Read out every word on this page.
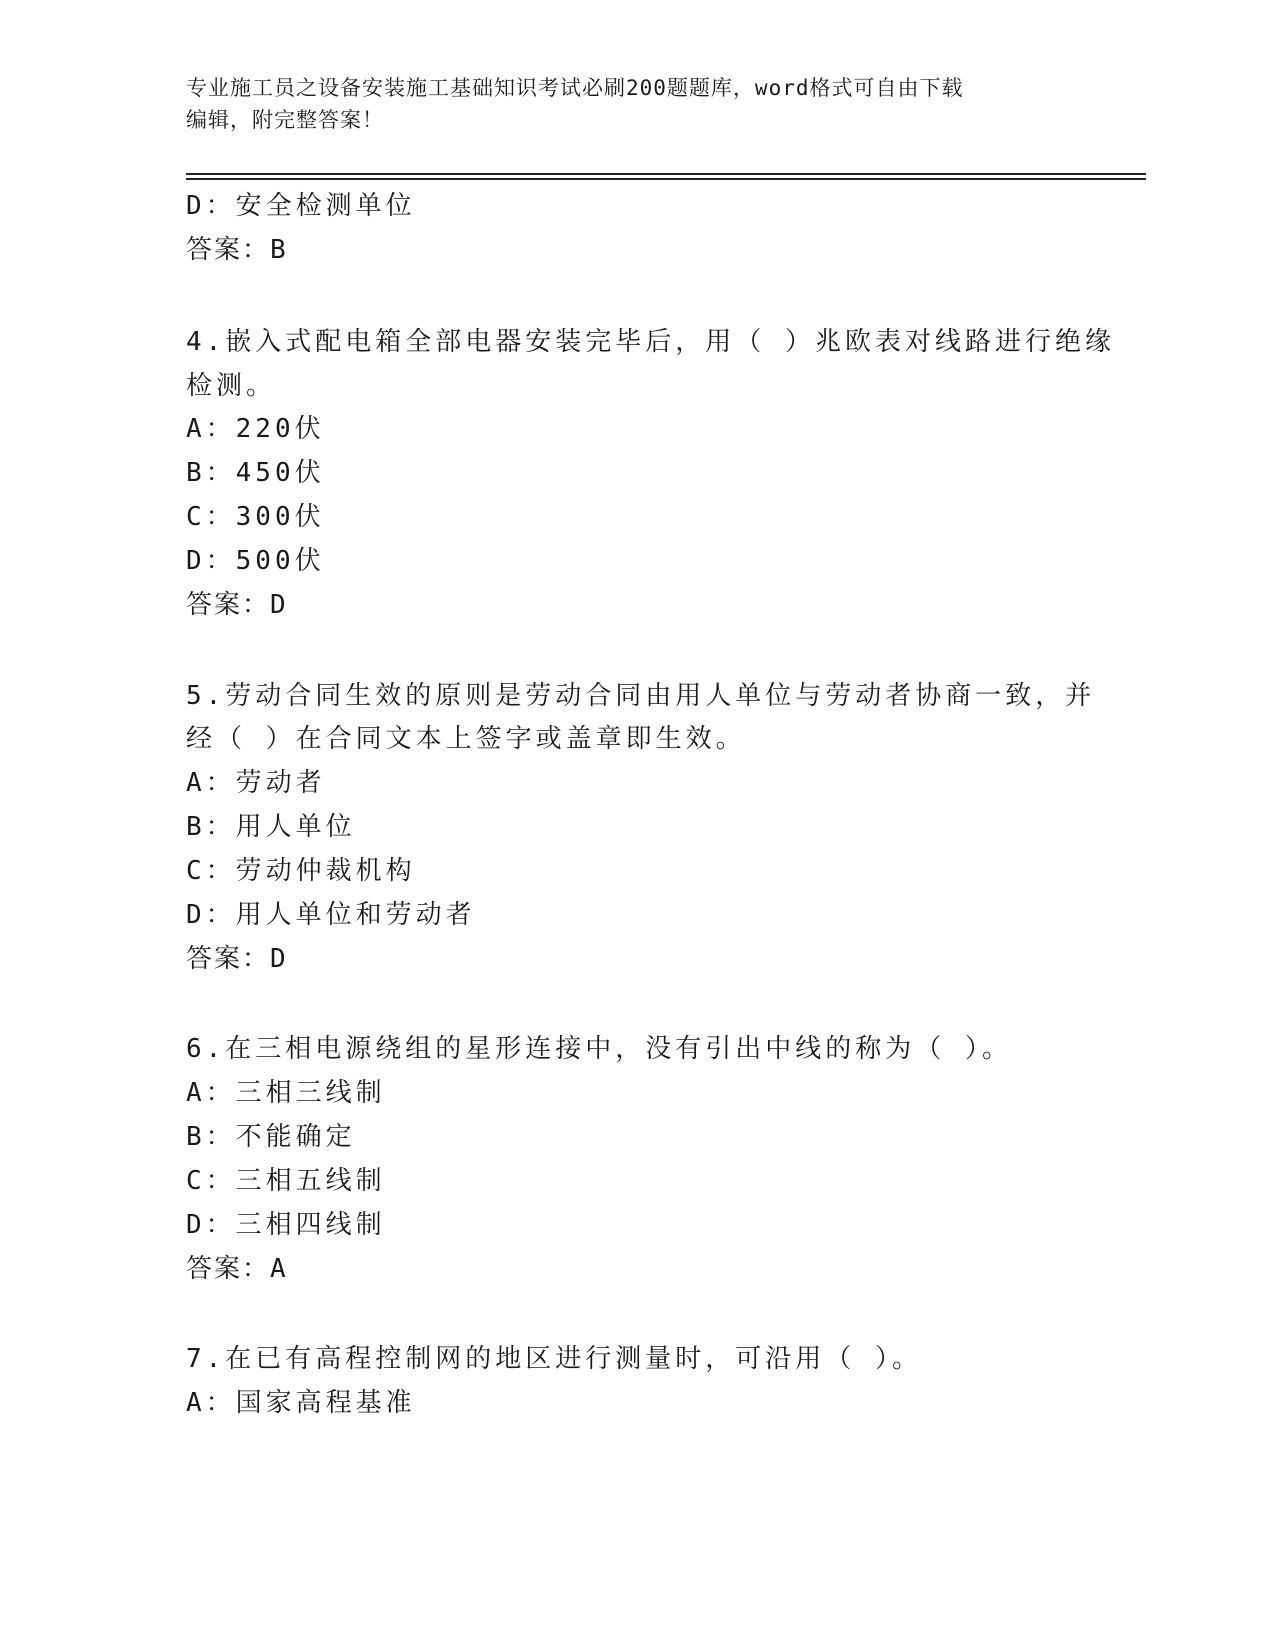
专业施工员之设备安装施工基础知识考试必刷200题题库，word格式可自由下载
编辑，附完整答案！
D：安全检测单位
答案：B
4.嵌入式配电箱全部电器安装完毕后，用（ ）兆欧表对线路进行绝缘
检测。
A：220伏
B：450伏
C：300伏
D：500伏
答案：D
5.劳动合同生效的原则是劳动合同由用人单位与劳动者协商一致，并
经（ ）在合同文本上签字或盖章即生效。
A：劳动者
B：用人单位
C：劳动仲裁机构
D：用人单位和劳动者
答案：D
6.在三相电源绕组的星形连接中，没有引出中线的称为（ ）。
A：三相三线制
B：不能确定
C：三相五线制
D：三相四线制
答案：A
7.在已有高程控制网的地区进行测量时，可沿用（ ）。
A：国家高程基准
